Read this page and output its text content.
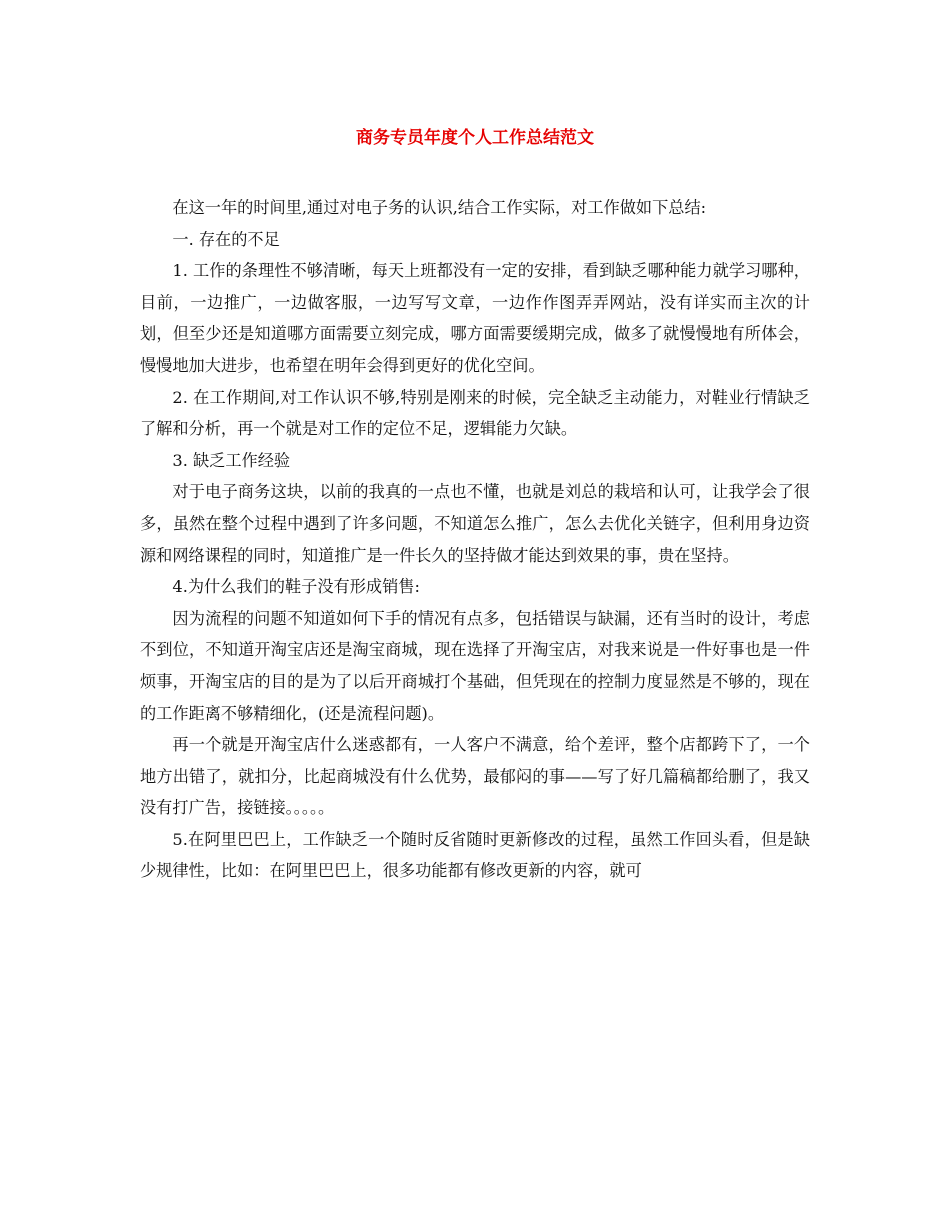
商务专员年度个人工作总结范文

在这一年的时间里,通过对电子务的认识,结合工作实际，对工作做如下总结:

一. 存在的不足

1. 工作的条理性不够清晰，每天上班都没有一定的安排，看到缺乏哪种能力就学习哪种，目前，一边推广，一边做客服，一边写写文章，一边作作图弄弄网站，没有详实而主次的计划，但至少还是知道哪方面需要立刻完成，哪方面需要缓期完成，做多了就慢慢地有所体会，慢慢地加大进步，也希望在明年会得到更好的优化空间。

2. 在工作期间,对工作认识不够,特别是刚来的时候，完全缺乏主动能力，对鞋业行情缺乏了解和分析，再一个就是对工作的定位不足，逻辑能力欠缺。

3. 缺乏工作经验

对于电子商务这块，以前的我真的一点也不懂，也就是刘总的栽培和认可，让我学会了很多，虽然在整个过程中遇到了许多问题，不知道怎么推广，怎么去优化关链字，但利用身边资源和网络课程的同时，知道推广是一件长久的坚持做才能达到效果的事，贵在坚持。

4.为什么我们的鞋子没有形成销售:

因为流程的问题不知道如何下手的情况有点多，包括错误与缺漏，还有当时的设计，考虑不到位，不知道开淘宝店还是淘宝商城，现在选择了开淘宝店，对我来说是一件好事也是一件烦事，开淘宝店的目的是为了以后开商城打个基础，但凭现在的控制力度显然是不够的，现在的工作距离不够精细化，(还是流程问题)。

再一个就是开淘宝店什么迷惑都有，一人客户不满意，给个差评，整个店都跨下了，一个地方出错了，就扣分，比起商城没有什么优势，最郁闷的事——写了好几篇稿都给删了，我又没有打广告，接链接。。。。。

5.在阿里巴巴上，工作缺乏一个随时反省随时更新修改的过程，虽然工作回头看，但是缺少规律性，比如：在阿里巴巴上，很多功能都有修改更新的内容，就可
